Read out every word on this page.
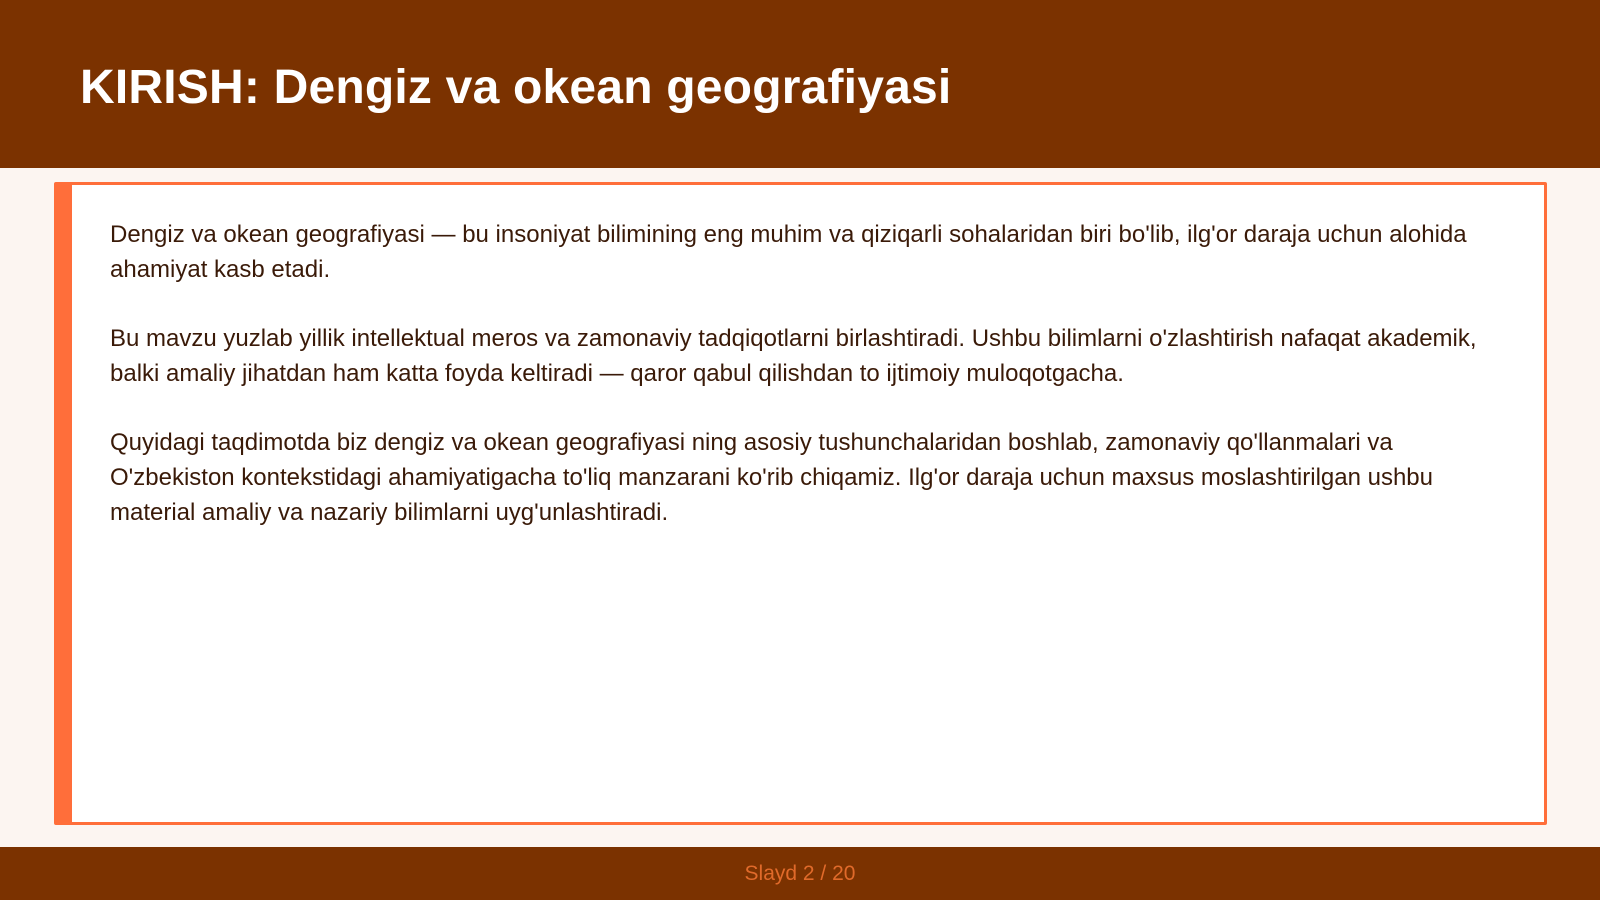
KIRISH: Dengiz va okean geografiyasi

Dengiz va okean geografiyasi — bu insoniyat bilimining eng muhim va qiziqarli sohalaridan biri bo'lib, ilg'or daraja uchun alohida ahamiyat kasb etadi.

Bu mavzu yuzlab yillik intellektual meros va zamonaviy tadqiqotlarni birlashtiradi. Ushbu bilimlarni o'zlashtirish nafaqat akademik, balki amaliy jihatdan ham katta foyda keltiradi — qaror qabul qilishdan to ijtimoiy muloqotgacha.

Quyidagi taqdimotda biz dengiz va okean geografiyasi ning asosiy tushunchalaridan boshlab, zamonaviy qo'llanmalari va O'zbekiston kontekstidagi ahamiyatigacha to'liq manzarani ko'rib chiqamiz. Ilg'or daraja uchun maxsus moslashtirilgan ushbu material amaliy va nazariy bilimlarni uyg'unlashtiradi.

Slayd 2 / 20
